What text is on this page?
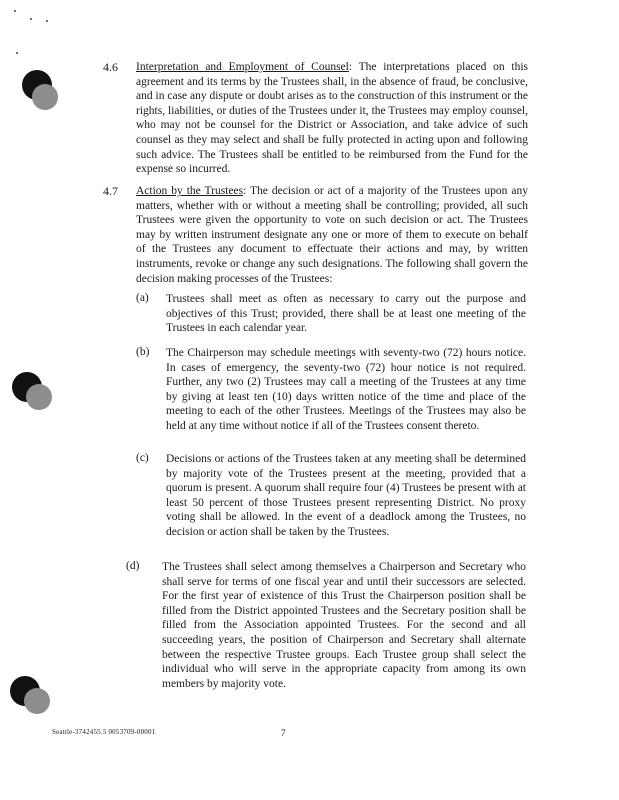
4.6 Interpretation and Employment of Counsel: The interpretations placed on this agreement and its terms by the Trustees shall, in the absence of fraud, be conclusive, and in case any dispute or doubt arises as to the construction of this instrument or the rights, liabilities, or duties of the Trustees under it, the Trustees may employ counsel, who may not be counsel for the District or Association, and take advice of such counsel as they may select and shall be fully protected in acting upon and following such advice. The Trustees shall be entitled to be reimbursed from the Fund for the expense so incurred.
4.7 Action by the Trustees: The decision or act of a majority of the Trustees upon any matters, whether with or without a meeting shall be controlling; provided, all such Trustees were given the opportunity to vote on such decision or act. The Trustees may by written instrument designate any one or more of them to execute on behalf of the Trustees any document to effectuate their actions and may, by written instruments, revoke or change any such designations. The following shall govern the decision making processes of the Trustees:
(a) Trustees shall meet as often as necessary to carry out the purpose and objectives of this Trust; provided, there shall be at least one meeting of the Trustees in each calendar year.
(b) The Chairperson may schedule meetings with seventy-two (72) hours notice. In cases of emergency, the seventy-two (72) hour notice is not required. Further, any two (2) Trustees may call a meeting of the Trustees at any time by giving at least ten (10) days written notice of the time and place of the meeting to each of the other Trustees. Meetings of the Trustees may also be held at any time without notice if all of the Trustees consent thereto.
(c) Decisions or actions of the Trustees taken at any meeting shall be determined by majority vote of the Trustees present at the meeting, provided that a quorum is present. A quorum shall require four (4) Trustees be present with at least 50 percent of those Trustees present representing District. No proxy voting shall be allowed. In the event of a deadlock among the Trustees, no decision or action shall be taken by the Trustees.
(d) The Trustees shall select among themselves a Chairperson and Secretary who shall serve for terms of one fiscal year and until their successors are selected. For the first year of existence of this Trust the Chairperson position shall be filled from the District appointed Trustees and the Secretary position shall be filled from the Association appointed Trustees. For the second and all succeeding years, the position of Chairperson and Secretary shall alternate between the respective Trustee groups. Each Trustee group shall select the individual who will serve in the appropriate capacity from among its own members by majority vote.
Seattle-3742455.5 0053709-00001	7
